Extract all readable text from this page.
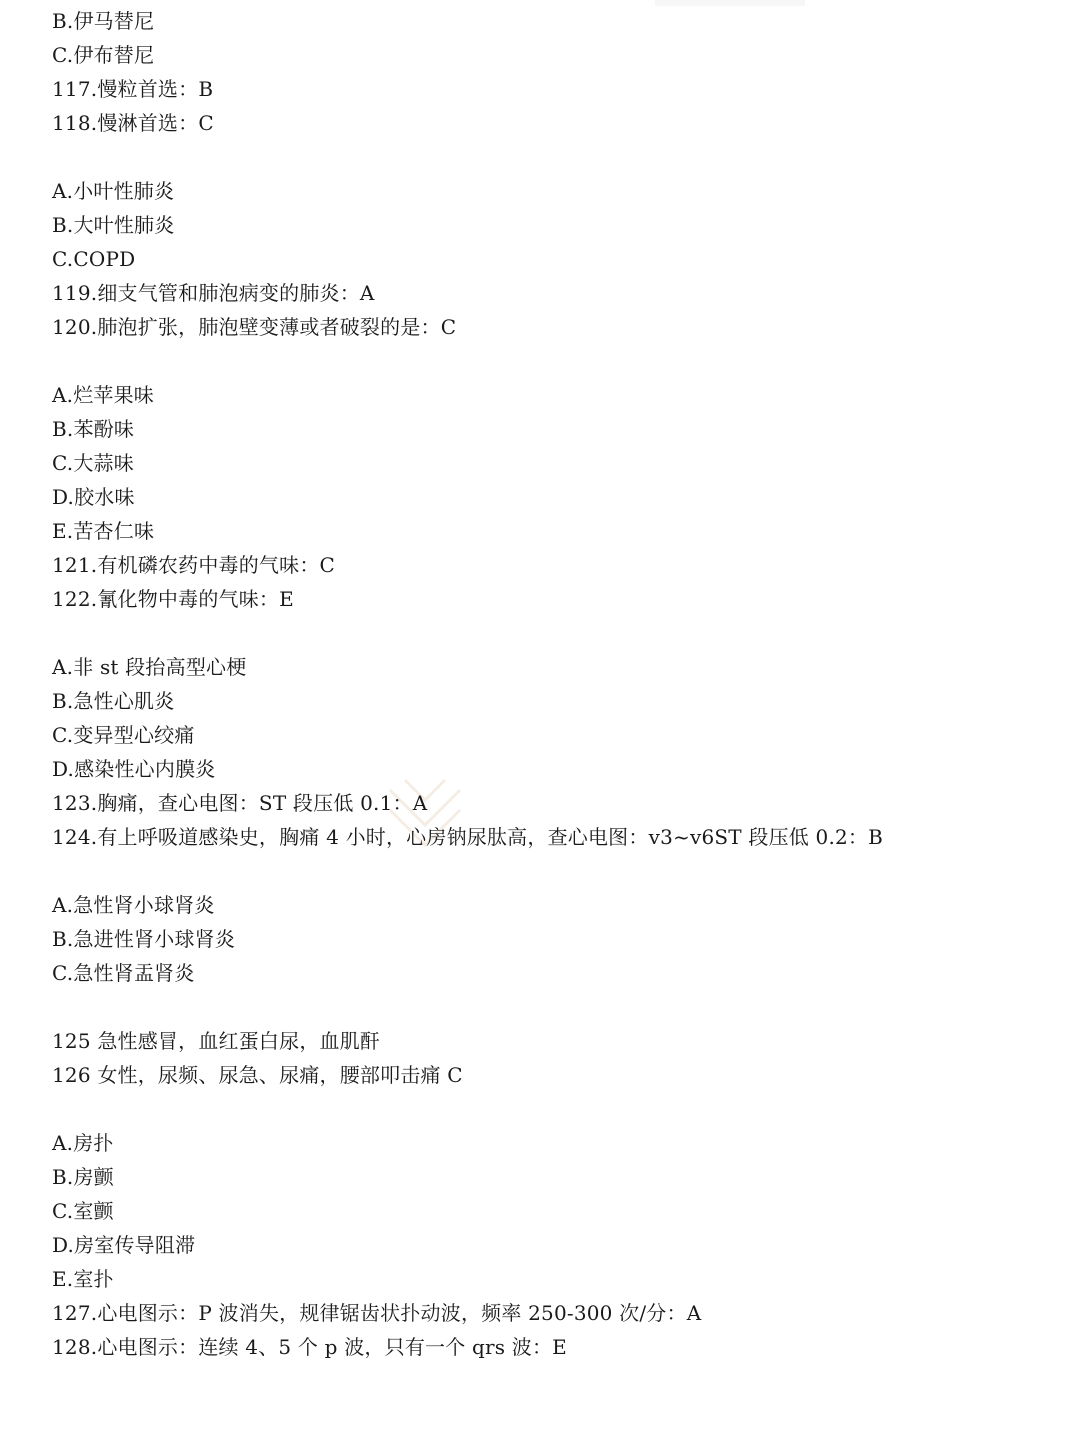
B.伊马替尼
C.伊布替尼
117.慢粒首选：B
118.慢淋首选：C
A.小叶性肺炎
B.大叶性肺炎
C.COPD
119.细支气管和肺泡病变的肺炎：A
120.肺泡扩张，肺泡壁变薄或者破裂的是：C
A.烂苹果味
B.苯酚味
C.大蒜味
D.胶水味
E.苦杏仁味
121.有机磷农药中毒的气味：C
122.氰化物中毒的气味：E
A.非 st 段抬高型心梗
B.急性心肌炎
C.变异型心绞痛
D.感染性心内膜炎
123.胸痛，查心电图：ST 段压低 0.1：A
124.有上呼吸道感染史，胸痛 4 小时，心房钠尿肽高，查心电图：v3~v6ST 段压低 0.2：B
A.急性肾小球肾炎
B.急进性肾小球肾炎
C.急性肾盂肾炎
125 急性感冒，血红蛋白尿，血肌酐
126 女性，尿频、尿急、尿痛，腰部叩击痛 C
A.房扑
B.房颤
C.室颤
D.房室传导阻滞
E.室扑
127.心电图示：P 波消失，规律锯齿状扑动波，频率 250-300 次/分：A
128.心电图示：连续 4、5 个 p 波，只有一个 qrs 波：E
